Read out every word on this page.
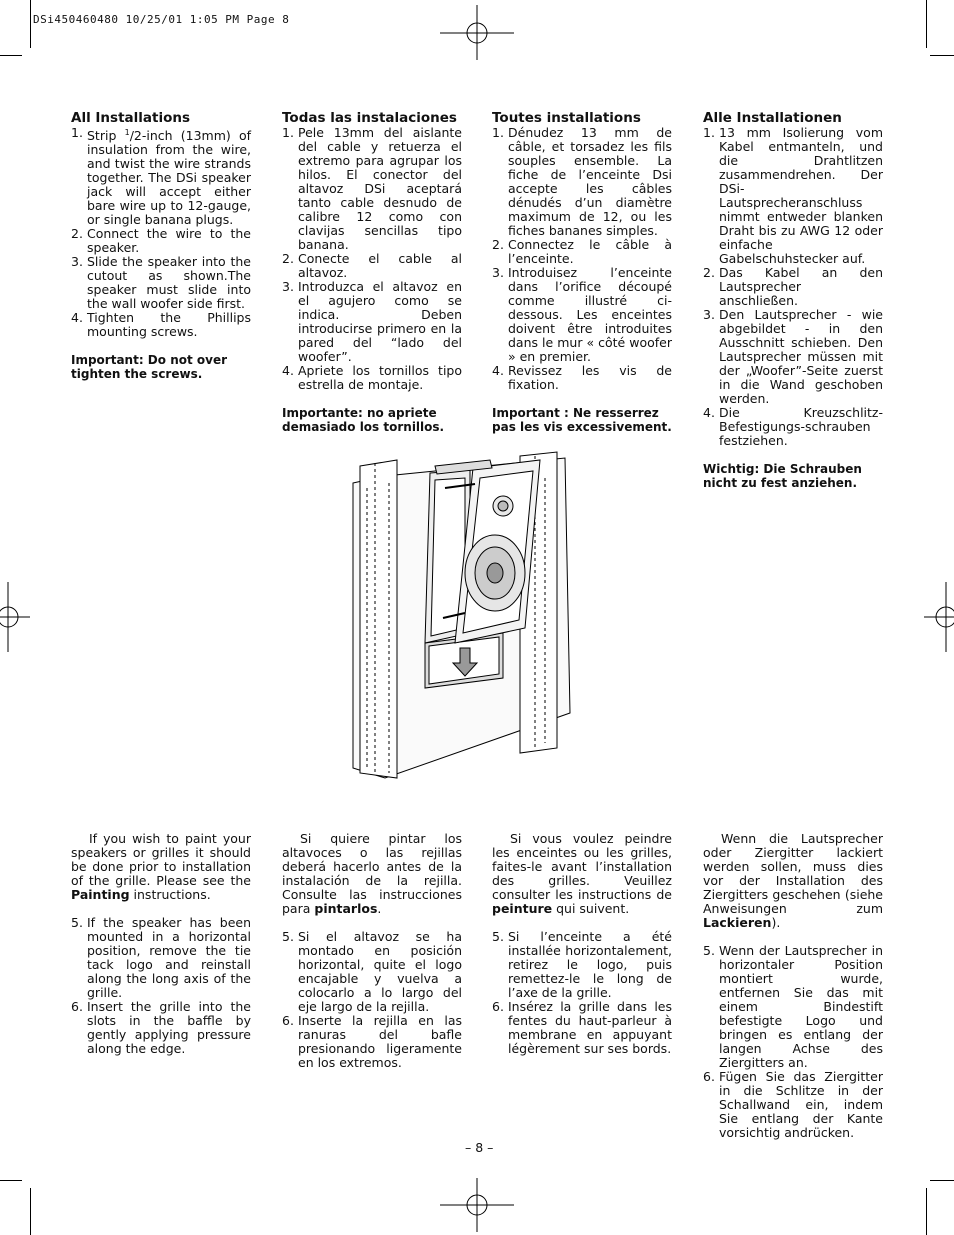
DSi450460480 10/25/01 1:05 PM Page 8
All Installations
1. Strip $^1$/2-inch (13mm) of insulation from the wire, and twist the wire strands together. The DSi speaker jack will accept either bare wire up to 12-gauge, or single banana plugs.
2. Connect the wire to the speaker.
3. Slide the speaker into the cutout as shown.The speaker must slide into the wall woofer side first.
4. Tighten the Phillips mounting screws.
Important: Do not over tighten the screws.
Todas las instalaciones
1. Pele 13mm del aislante del cable y retuerza el extremo para agrupar los hilos. El conector del altavoz DSi aceptará tanto cable desnudo de calibre 12 como con clavijas sencillas tipo banana.
2. Conecte el cable al altavoz.
3. Introduzca el altavoz en el agujero como se indica. Deben introducirse primero en la pared del “lado del woofer”.
4. Apriete los tornillos tipo estrella de montaje.
Importante: no apriete demasiado los tornillos.
Toutes installations
1. Dénudez 13 mm de câble, et torsadez les fils souples ensemble. La fiche de l’enceinte Dsi accepte les câbles dénudés d’un diamètre maximum de 12, ou les fiches bananes simples.
2. Connectez le câble à l’enceinte.
3. Introduisez l’enceinte dans l’orifice découpé comme illustré ci-dessous. Les enceintes doivent être introduites dans le mur « côté woofer » en premier.
4. Revissez les vis de fixation.
Important : Ne resserrez pas les vis excessivement.
Alle Installationen
1. 13 mm Isolierung vom Kabel entmanteln, und die Drahtlitzen zusammendrehen. Der DSi-Lautsprecheranschluss nimmt entweder blanken Draht bis zu AWG 12 oder einfache Gabelschuhstecker auf.
2. Das Kabel an den Lautsprecher anschließen.
3. Den Lautsprecher - wie abgebildet - in den Ausschnitt schieben. Den Lautsprecher müssen mit der „Woofer”-Seite zuerst in die Wand geschoben werden.
4. Die Kreuzschlitz-Befestigungs-schrauben festziehen.
Wichtig: Die Schrauben nicht zu fest anziehen.
If you wish to paint your speakers or grilles it should be done prior to installation of the grille. Please see the Painting instructions.
5. If the speaker has been mounted in a horizontal position, remove the tie tack logo and reinstall along the long axis of the grille.
6. Insert the grille into the slots in the baffle by gently applying pressure along the edge.
Si quiere pintar los altavoces o las rejillas deberá hacerlo antes de la instalación de la rejilla. Consulte las instrucciones para pintarlos.
5. Si el altavoz se ha montado en posición horizontal, quite el logo encajable y vuelva a colocarlo a lo largo del eje largo de la rejilla.
6. Inserte la rejilla en las ranuras del bafle presionando ligeramente en los extremos.
Si vous voulez peindre les enceintes ou les grilles, faites-le avant l’installation des grilles. Veuillez consulter les instructions de peinture qui suivent.
5. Si l’enceinte a été installée horizontalement, retirez le logo, puis remettez-le le long de l’axe de la grille.
6. Insérez la grille dans les fentes du haut-parleur à membrane en appuyant légèrement sur ses bords.
Wenn die Lautsprecher oder Ziergitter lackiert werden sollen, muss dies vor der Installation des Ziergitters geschehen (siehe Anweisungen zum Lackieren).
5. Wenn der Lautsprecher in horizontaler Position montiert wurde, entfernen Sie das mit einem Bindestift befestigte Logo und bringen es entlang der langen Achse des Ziergitters an.
6. Fügen Sie das Ziergitter in die Schlitze in der Schallwand ein, indem Sie entlang der Kante vorsichtig andrücken.
– 8 –
